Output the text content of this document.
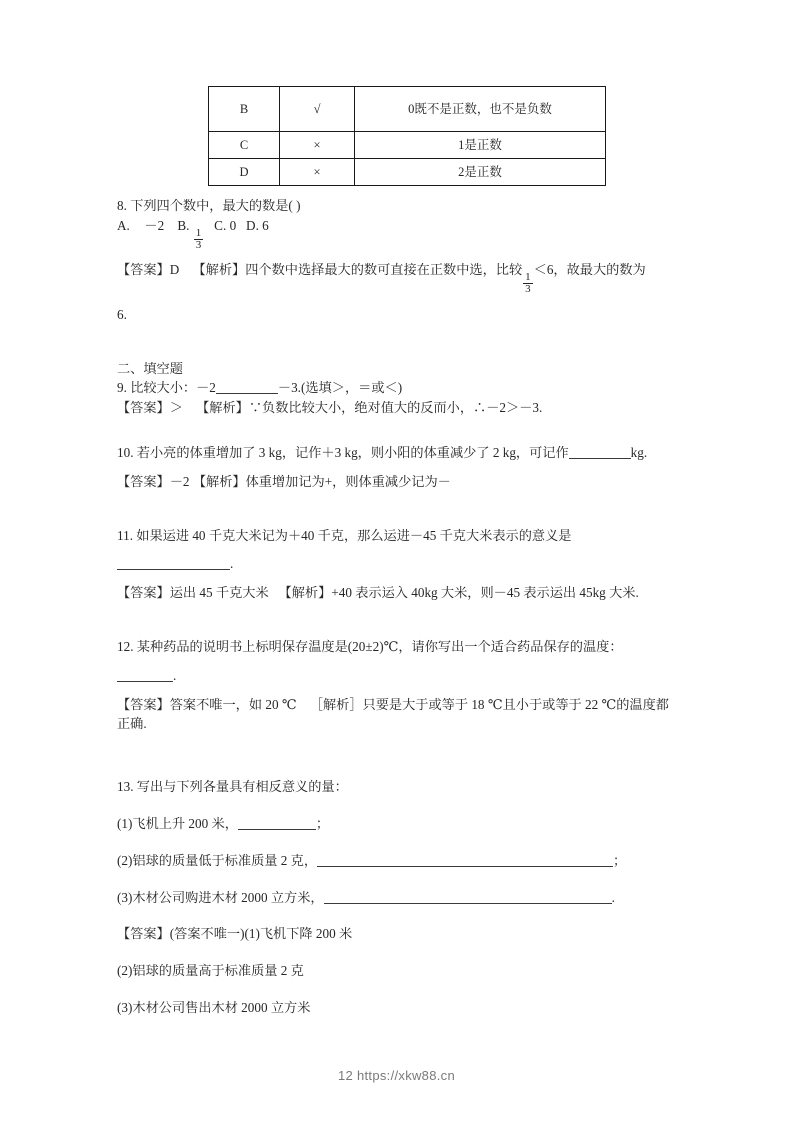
B	√	0既不是正数，也不是负数
C	×	1是正数
D	×	2是正数
8. 下列四个数中，最大的数是( )
A. －2 B.
$\frac{1}{3}$
C. 0 D. 6
【答案】D 【解析】四个数中选择最大的数可直接在正数中选，比较
$\frac{1}{3}$
＜6，故最大的数为
6.
二、填空题
9. 比较大小：－2	－3.(选填＞，＝或＜)
【答案】＞ 【解析】∵负数比较大小，绝对值大的反而小，∴－2＞－3.
10. 若小亮的体重增加了 3 kg，记作＋3 kg，则小阳的体重减少了 2 kg，可记作	kg.
【答案】－2 【解析】体重增加记为+，则体重减少记为－
11. 如果运进 40 千克大米记为＋40 千克，那么运进－45 千克大米表示的意义是
.
【答案】运出 45 千克大米 【解析】+40 表示运入 40kg 大米，则－45 表示运出 45kg 大米.
12. 某种药品的说明书上标明保存温度是(20±2)℃，请你写出一个适合药品保存的温度：
.
【答案】答案不唯一，如 20 ℃ ［解析］只要是大于或等于 18 ℃且小于或等于 22 ℃的温度都正确.
13. 写出与下列各量具有相反意义的量：
(1)飞机上升 200 米，	；
(2)铝球的质量低于标准质量 2 克，	；
(3)木材公司购进木材 2000 立方米，	.
【答案】(答案不唯一)(1)飞机下降 200 米
(2)铝球的质量高于标准质量 2 克
(3)木材公司售出木材 2000 立方米
12 https://xkw88.cn
